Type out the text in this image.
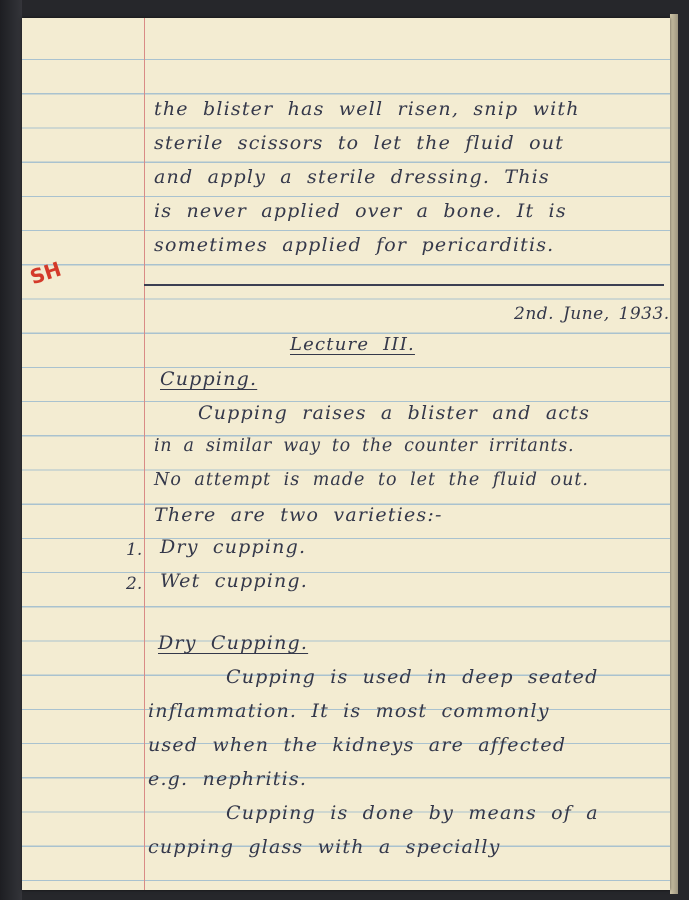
SH
the blister has well risen, snip with
sterile scissors to let the fluid out
and apply a sterile dressing. This
is never applied over a bone. It is
sometimes applied for pericarditis.
2nd. June, 1933.
Lecture III.
Cupping.
Cupping raises a blister and acts
in a similar way to the counter irritants.
No attempt is made to let the fluid out.
There are two varieties:-
1. Dry cupping.
2. Wet cupping.
Dry Cupping.
Cupping is used in deep seated
inflammation. It is most commonly
used when the kidneys are affected
e.g. nephritis.
Cupping is done by means of a
cupping glass with a specially
